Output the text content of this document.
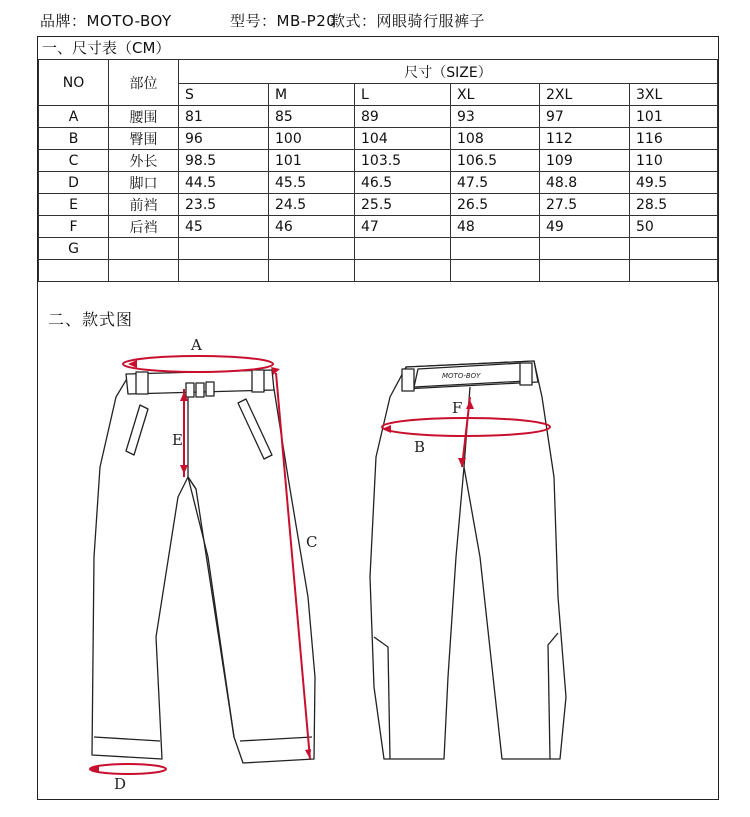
品牌：MOTO-BOY	型号：MB-P20款式：网眼骑行服裤子
一、尺寸表（CM）
NO	部位	尺寸（SIZE）					
		S	M	L	XL	2XL	3XL
A	腰围	81	85	89	93	97	101
B	臀围	96	100	104	108	112	116
C	外长	98.5	101	103.5	106.5	109	110
D	脚口	44.5	45.5	46.5	47.5	48.8	49.5
E	前裆	23.5	24.5	25.5	26.5	27.5	28.5
F	后裆	45	46	47	48	49	50
G							

二、款式图
MOTO-BOY
A
B
C
D
E
F
